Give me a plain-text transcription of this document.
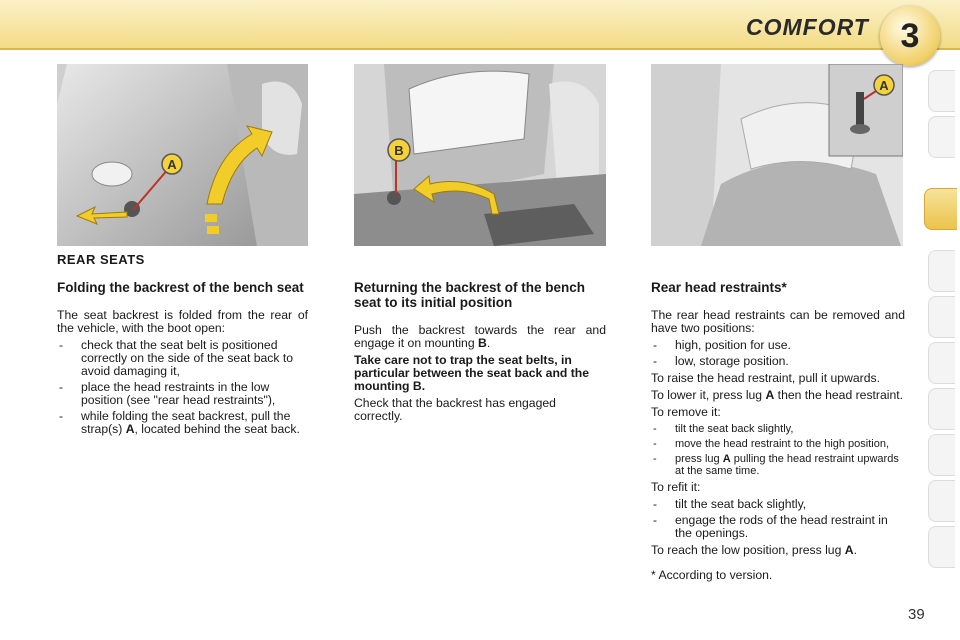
COMFORT 3
A
B
A
REAR SEATS
Folding the backrest of the bench seat

The seat backrest is folded from the rear of the vehicle, with the boot open:

- check that the seat belt is positioned correctly on the side of the seat back to avoid damaging it,
- place the head restraints in the low position (see "rear head restraints"),
- while folding the seat backrest, pull the strap(s) A, located behind the seat back.
Returning the backrest of the bench seat to its initial position

Push the backrest towards the rear and engage it on mounting B.

Take care not to trap the seat belts, in particular between the seat back and the mounting B.

Check that the backrest has engaged correctly.

Rear head restraints*

The rear head restraints can be removed and have two positions:

- high, position for use.
- low, storage position.

To raise the head restraint, pull it upwards.

To lower it, press lug A then the head restraint.

To remove it:

- tilt the seat back slightly,
- move the head restraint to the high position,
- press lug A pulling the head restraint upwards at the same time.

To refit it:

- tilt the seat back slightly,
- engage the rods of the head restraint in the openings.

To reach the low position, press lug A.

* According to version.

39
